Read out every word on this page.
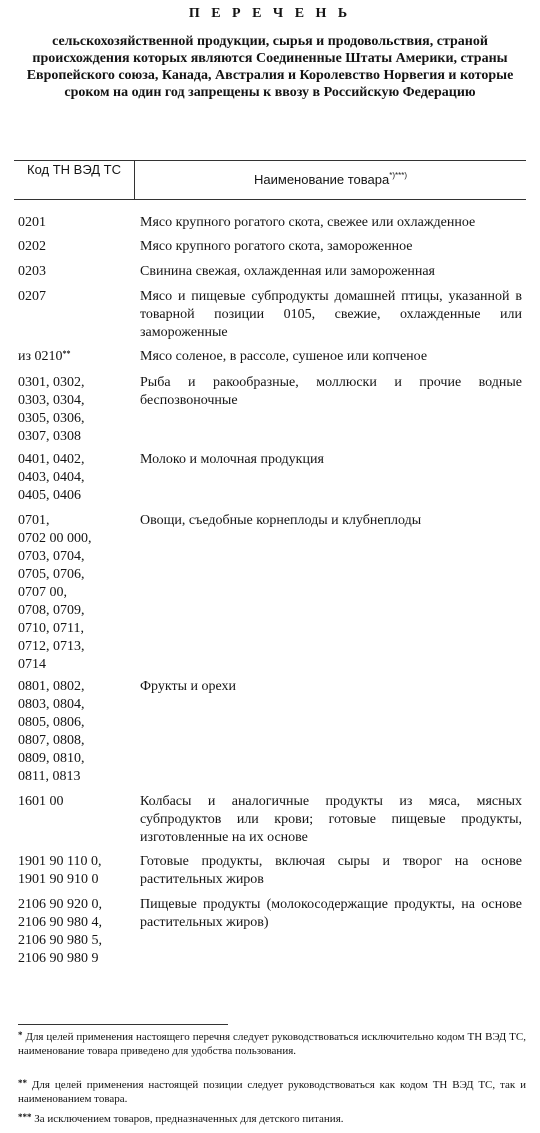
П Е Р Е Ч Е Н Ь
сельскохозяйственной продукции, сырья и продовольствия, страной происхождения которых являются Соединенные Штаты Америки, страны Европейского союза, Канада, Австралия и Королевство Норвегия и которые сроком на один год запрещены к ввозу в Российскую Федерацию
Код ТН ВЭД ТС
Наименование товара*)***)
0201	Мясо крупного рогатого скота, свежее или охлажденное
0202	Мясо крупного рогатого скота, замороженное
0203	Свинина свежая, охлажденная или замороженная
0207	Мясо и пищевые субпродукты домашней птицы, указанной в товарной позиции 0105, свежие, охлажденные или замороженные
из 0210**	Мясо соленое, в рассоле, сушеное или копченое
0301, 0302,
0303, 0304,
0305, 0306,
0307, 0308
Рыба и ракообразные, моллюски и прочие водные беспозвоночные
0401, 0402,
0403, 0404,
0405, 0406
Молоко и молочная продукция
0701,
0702 00 000,
0703, 0704,
0705, 0706,
0707 00,
0708, 0709,
0710, 0711,
0712, 0713,
0714
Овощи, съедобные корнеплоды и клубнеплоды
0801, 0802,
0803, 0804,
0805, 0806,
0807, 0808,
0809, 0810,
0811, 0813
Фрукты и орехи
1601 00	Колбасы и аналогичные продукты из мяса, мясных субпродуктов или крови; готовые пищевые продукты, изготовленные на их основе
1901 90 110 0,
1901 90 910 0
Готовые продукты, включая сыры и творог на основе растительных жиров
2106 90 920 0,
2106 90 980 4,
2106 90 980 5,
2106 90 980 9
Пищевые продукты (молокосодержащие продукты, на основе растительных жиров)
* Для целей применения настоящего перечня следует руководствоваться исключительно кодом ТН ВЭД ТС, наименование товара приведено для удобства пользования.
** Для целей применения настоящей позиции следует руководствоваться как кодом ТН ВЭД ТС, так и наименованием товара.
*** За исключением товаров, предназначенных для детского питания.
